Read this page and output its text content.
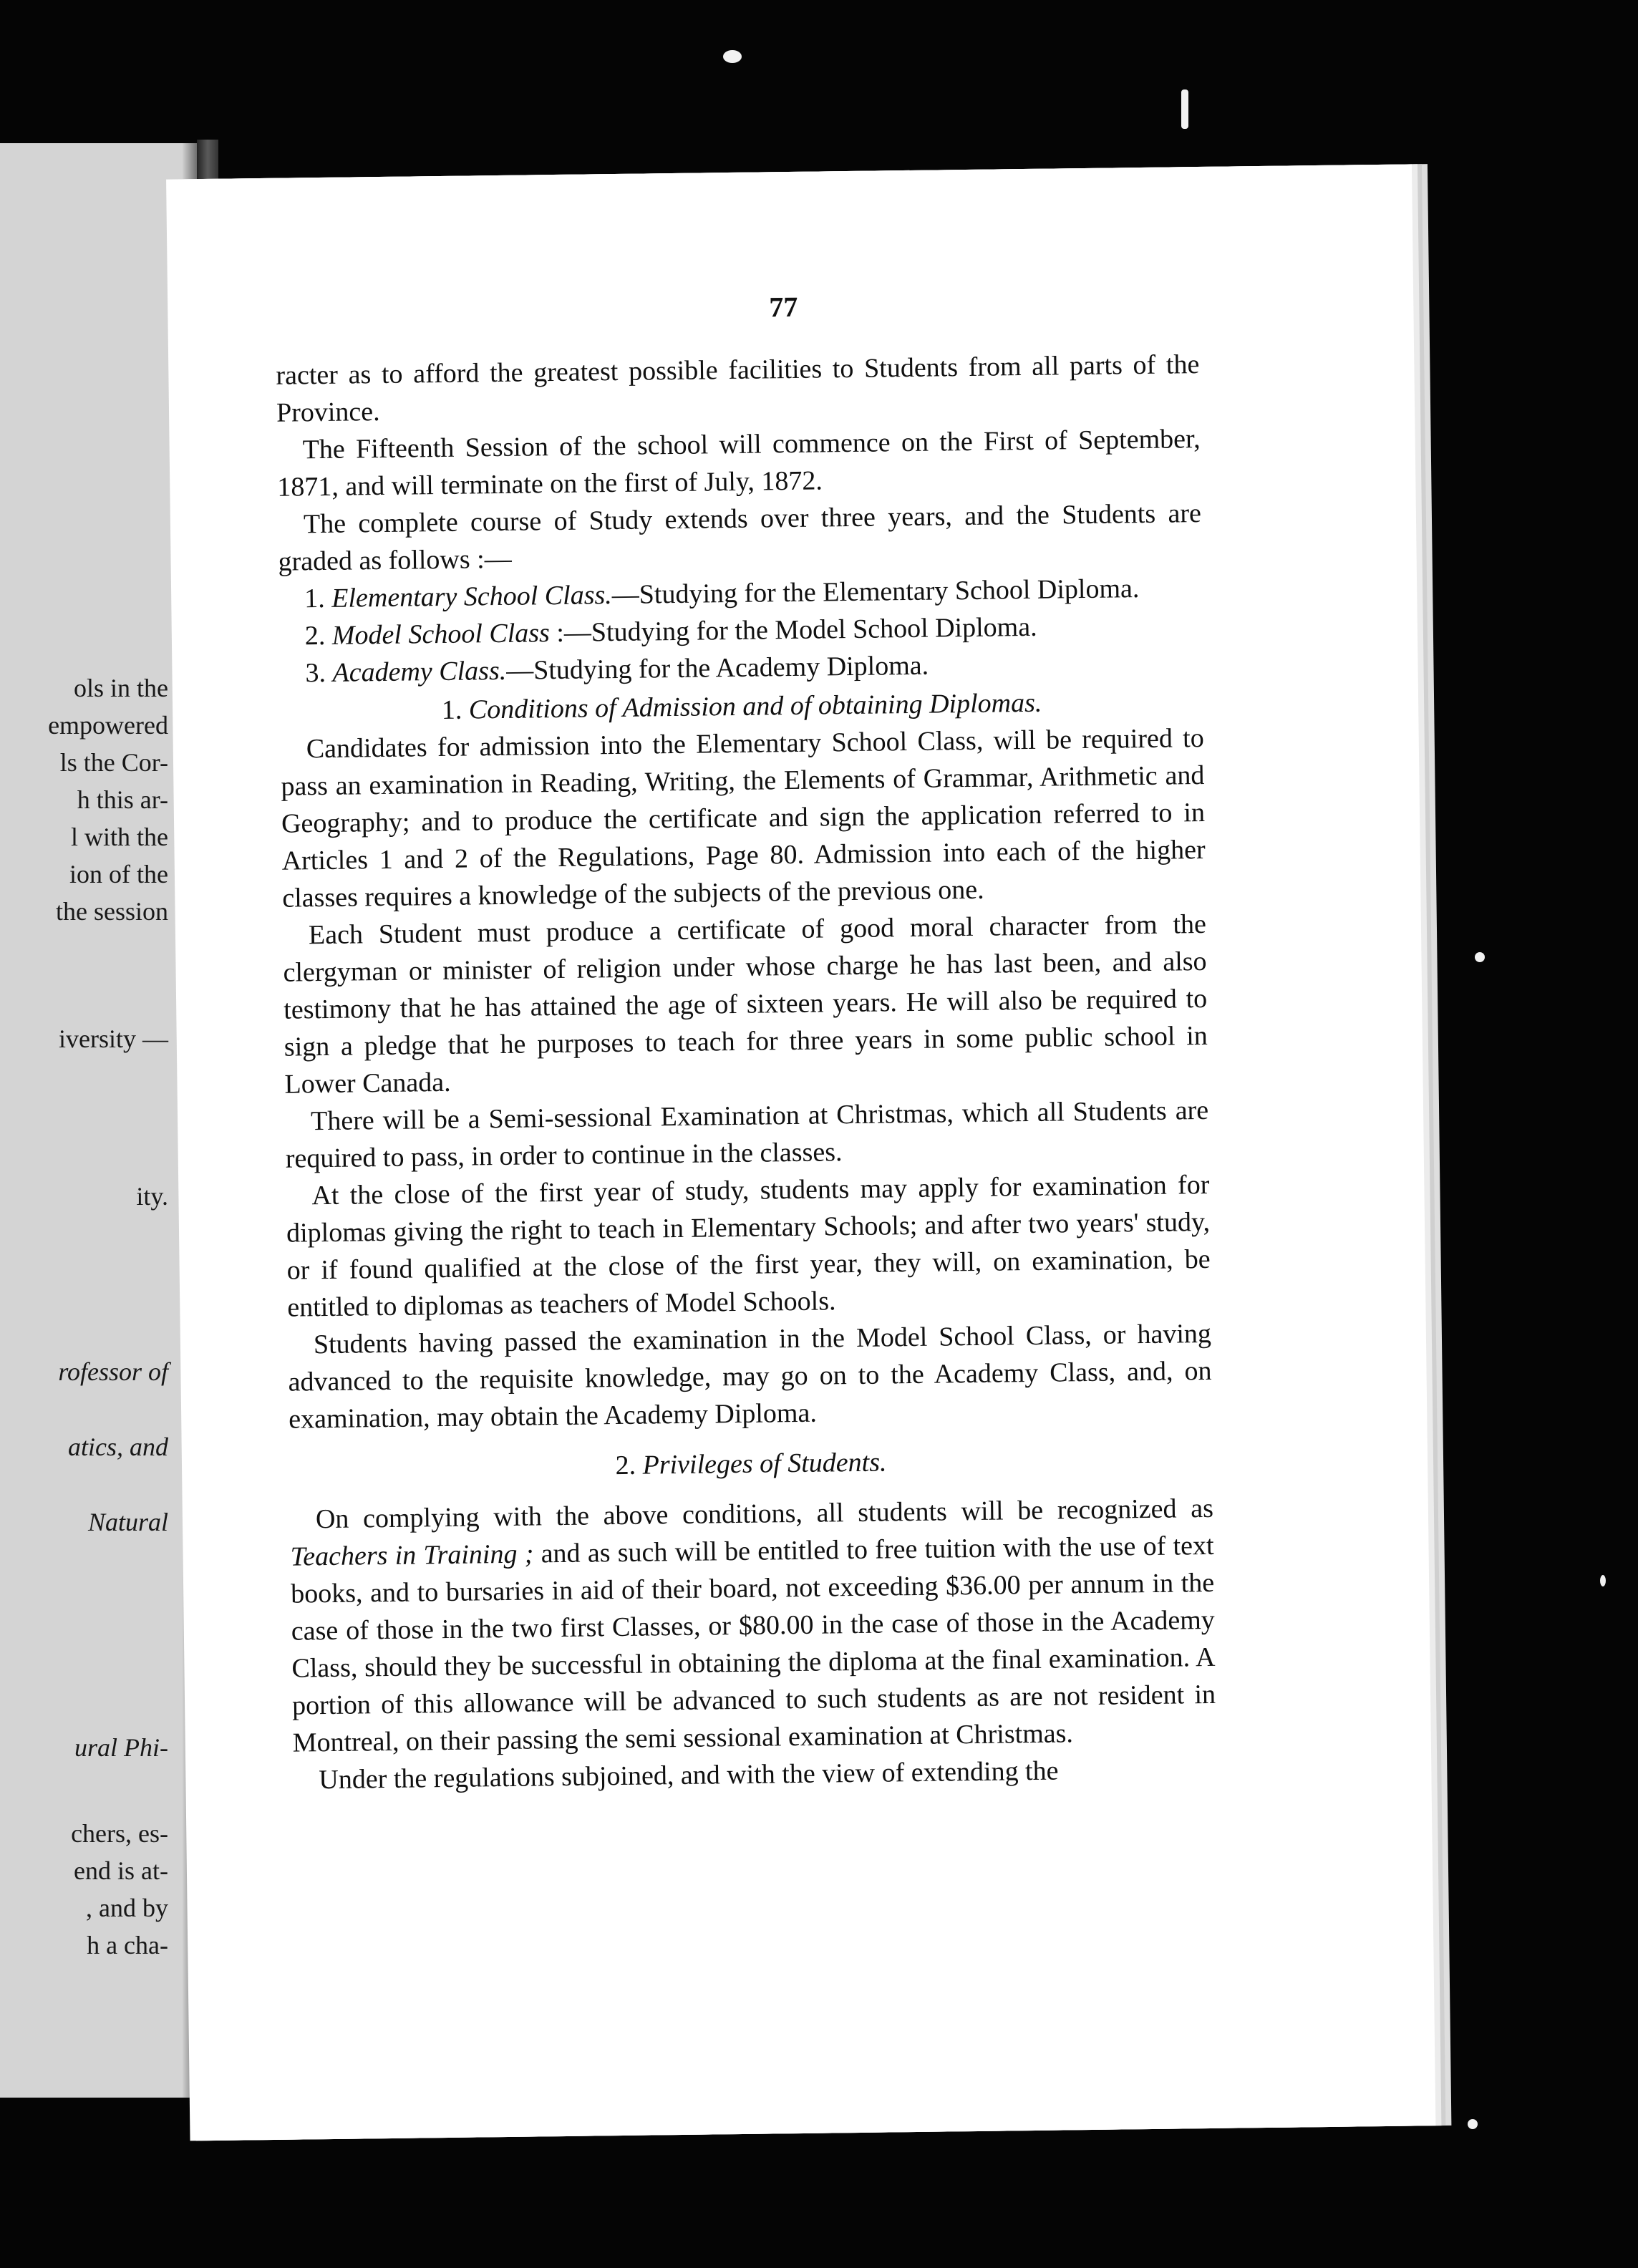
ols in the
empowered
ls the Cor-
h this ar-
l with the
ion of the
the session
iversity —
ity.
rofessor of
atics, and
Natural
ural Phi-
chers, es-
end is at-
, and by
h a cha-
77

racter as to afford the greatest possible facilities to Students from all parts of the Province.

The Fifteenth Session of the school will commence on the First of September, 1871, and will terminate on the first of July, 1872.

The complete course of Study extends over three years, and the Students are graded as follows :—

1. Elementary School Class.—Studying for the Elementary School Diploma.

2. Model School Class :—Studying for the Model School Diploma.

3. Academy Class.—Studying for the Academy Diploma.

1. Conditions of Admission and of obtaining Diplomas.

Candidates for admission into the Elementary School Class, will be required to pass an examination in Reading, Writing, the Elements of Grammar, Arithmetic and Geography; and to produce the certificate and sign the application referred to in Articles 1 and 2 of the Regulations, Page 80. Admission into each of the higher classes requires a knowledge of the subjects of the previous one.

Each Student must produce a certificate of good moral character from the clergyman or minister of religion under whose charge he has last been, and also testimony that he has attained the age of sixteen years. He will also be required to sign a pledge that he purposes to teach for three years in some public school in Lower Canada.

There will be a Semi-sessional Examination at Christmas, which all Students are required to pass, in order to continue in the classes.

At the close of the first year of study, students may apply for examination for diplomas giving the right to teach in Elementary Schools; and after two years' study, or if found qualified at the close of the first year, they will, on examination, be entitled to diplomas as teachers of Model Schools.

Students having passed the examination in the Model School Class, or having advanced to the requisite knowledge, may go on to the Academy Class, and, on examination, may obtain the Academy Diploma.

2. Privileges of Students.

On complying with the above conditions, all students will be recognized as Teachers in Training ; and as such will be entitled to free tuition with the use of text books, and to bursaries in aid of their board, not exceeding $36.00 per annum in the case of those in the two first Classes, or $80.00 in the case of those in the Academy Class, should they be successful in obtaining the diploma at the final examination. A portion of this allowance will be advanced to such students as are not resident in Montreal, on their passing the semi sessional examination at Christmas.

Under the regulations subjoined, and with the view of extending the
